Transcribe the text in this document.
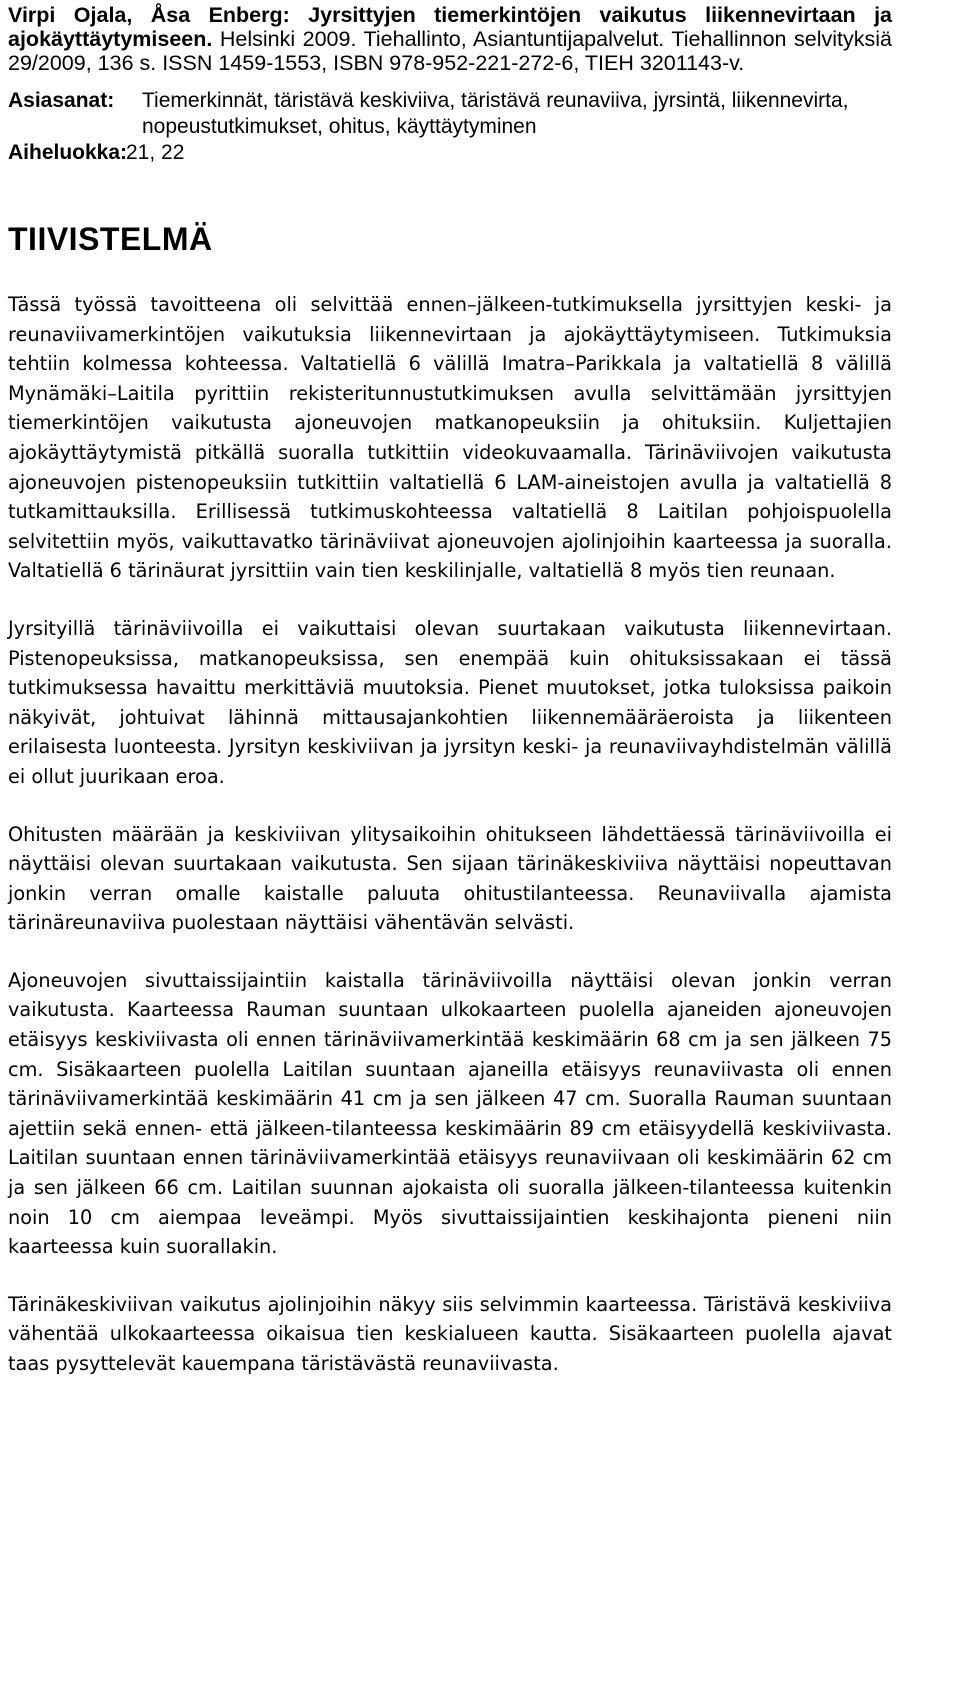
Virpi Ojala, Åsa Enberg: Jyrsittyjen tiemerkintöjen vaikutus liikennevirtaan ja ajokäyttäytymiseen. Helsinki 2009. Tiehallinto, Asiantuntijapalvelut. Tiehallinnon selvityksiä 29/2009, 136 s. ISSN 1459-1553, ISBN 978-952-221-272-6, TIEH 3201143-v.
Asiasanat:	Tiemerkinnät, täristävä keskiviiva, täristävä reunaviiva, jyrsintä, liikennevirta, nopeustutkimukset, ohitus, käyttäytyminen
Aiheluokka:
21, 22
TIIVISTELMÄ

Tässä työssä tavoitteena oli selvittää ennen–jälkeen-tutkimuksella jyrsittyjen keski- ja reunaviivamerkintöjen vaikutuksia liikennevirtaan ja ajokäyttäytymiseen. Tutkimuksia tehtiin kolmessa kohteessa. Valtatiellä 6 välillä Imatra–Parikkala ja valtatiellä 8 välillä Mynämäki–Laitila pyrittiin rekisteritunnustutkimuksen avulla selvittämään jyrsittyjen tiemerkintöjen vaikutusta ajoneuvojen matkanopeuksiin ja ohituksiin. Kuljettajien ajokäyttäytymistä pitkällä suoralla tutkittiin videokuvaamalla. Tärinäviivojen vaikutusta ajoneuvojen pistenopeuksiin tutkittiin valtatiellä 6 LAM-aineistojen avulla ja valtatiellä 8 tutkamittauksilla. Erillisessä tutkimuskohteessa valtatiellä 8 Laitilan pohjoispuolella selvitettiin myös, vaikuttavatko tärinäviivat ajoneuvojen ajolinjoihin kaarteessa ja suoralla. Valtatiellä 6 tärinäurat jyrsittiin vain tien keskilinjalle, valtatiellä 8 myös tien reunaan.

Jyrsityillä tärinäviivoilla ei vaikuttaisi olevan suurtakaan vaikutusta liikennevirtaan. Pistenopeuksissa, matkanopeuksissa, sen enempää kuin ohituksissakaan ei tässä tutkimuksessa havaittu merkittäviä muutoksia. Pienet muutokset, jotka tuloksissa paikoin näkyivät, johtuivat lähinnä mittausajankohtien liikennemääräeroista ja liikenteen erilaisesta luonteesta. Jyrsityn keskiviivan ja jyrsityn keski- ja reunaviivayhdistelmän välillä ei ollut juurikaan eroa.

Ohitusten määrään ja keskiviivan ylitysaikoihin ohitukseen lähdettäessä tärinäviivoilla ei näyttäisi olevan suurtakaan vaikutusta. Sen sijaan tärinäkeskiviiva näyttäisi nopeuttavan jonkin verran omalle kaistalle paluuta ohitustilanteessa. Reunaviivalla ajamista tärinäreunaviiva puolestaan näyttäisi vähentävän selvästi.

Ajoneuvojen sivuttaissijaintiin kaistalla tärinäviivoilla näyttäisi olevan jonkin verran vaikutusta. Kaarteessa Rauman suuntaan ulkokaarteen puolella ajaneiden ajoneuvojen etäisyys keskiviivasta oli ennen tärinäviivamerkintää keskimäärin 68 cm ja sen jälkeen 75 cm. Sisäkaarteen puolella Laitilan suuntaan ajaneilla etäisyys reunaviivasta oli ennen tärinäviivamerkintää keskimäärin 41 cm ja sen jälkeen 47 cm. Suoralla Rauman suuntaan ajettiin sekä ennen- että jälkeen-tilanteessa keskimäärin 89 cm etäisyydellä keskiviivasta. Laitilan suuntaan ennen tärinäviivamerkintää etäisyys reunaviivaan oli keskimäärin 62 cm ja sen jälkeen 66 cm. Laitilan suunnan ajokaista oli suoralla jälkeen-tilanteessa kuitenkin noin 10 cm aiempaa leveämpi. Myös sivuttaissijaintien keskihajonta pieneni niin kaarteessa kuin suorallakin.

Tärinäkeskiviivan vaikutus ajolinjoihin näkyy siis selvimmin kaarteessa. Täristävä keskiviiva vähentää ulkokaarteessa oikaisua tien keskialueen kautta. Sisäkaarteen puolella ajavat taas pysyttelevät kauempana täristävästä reunaviivasta.
